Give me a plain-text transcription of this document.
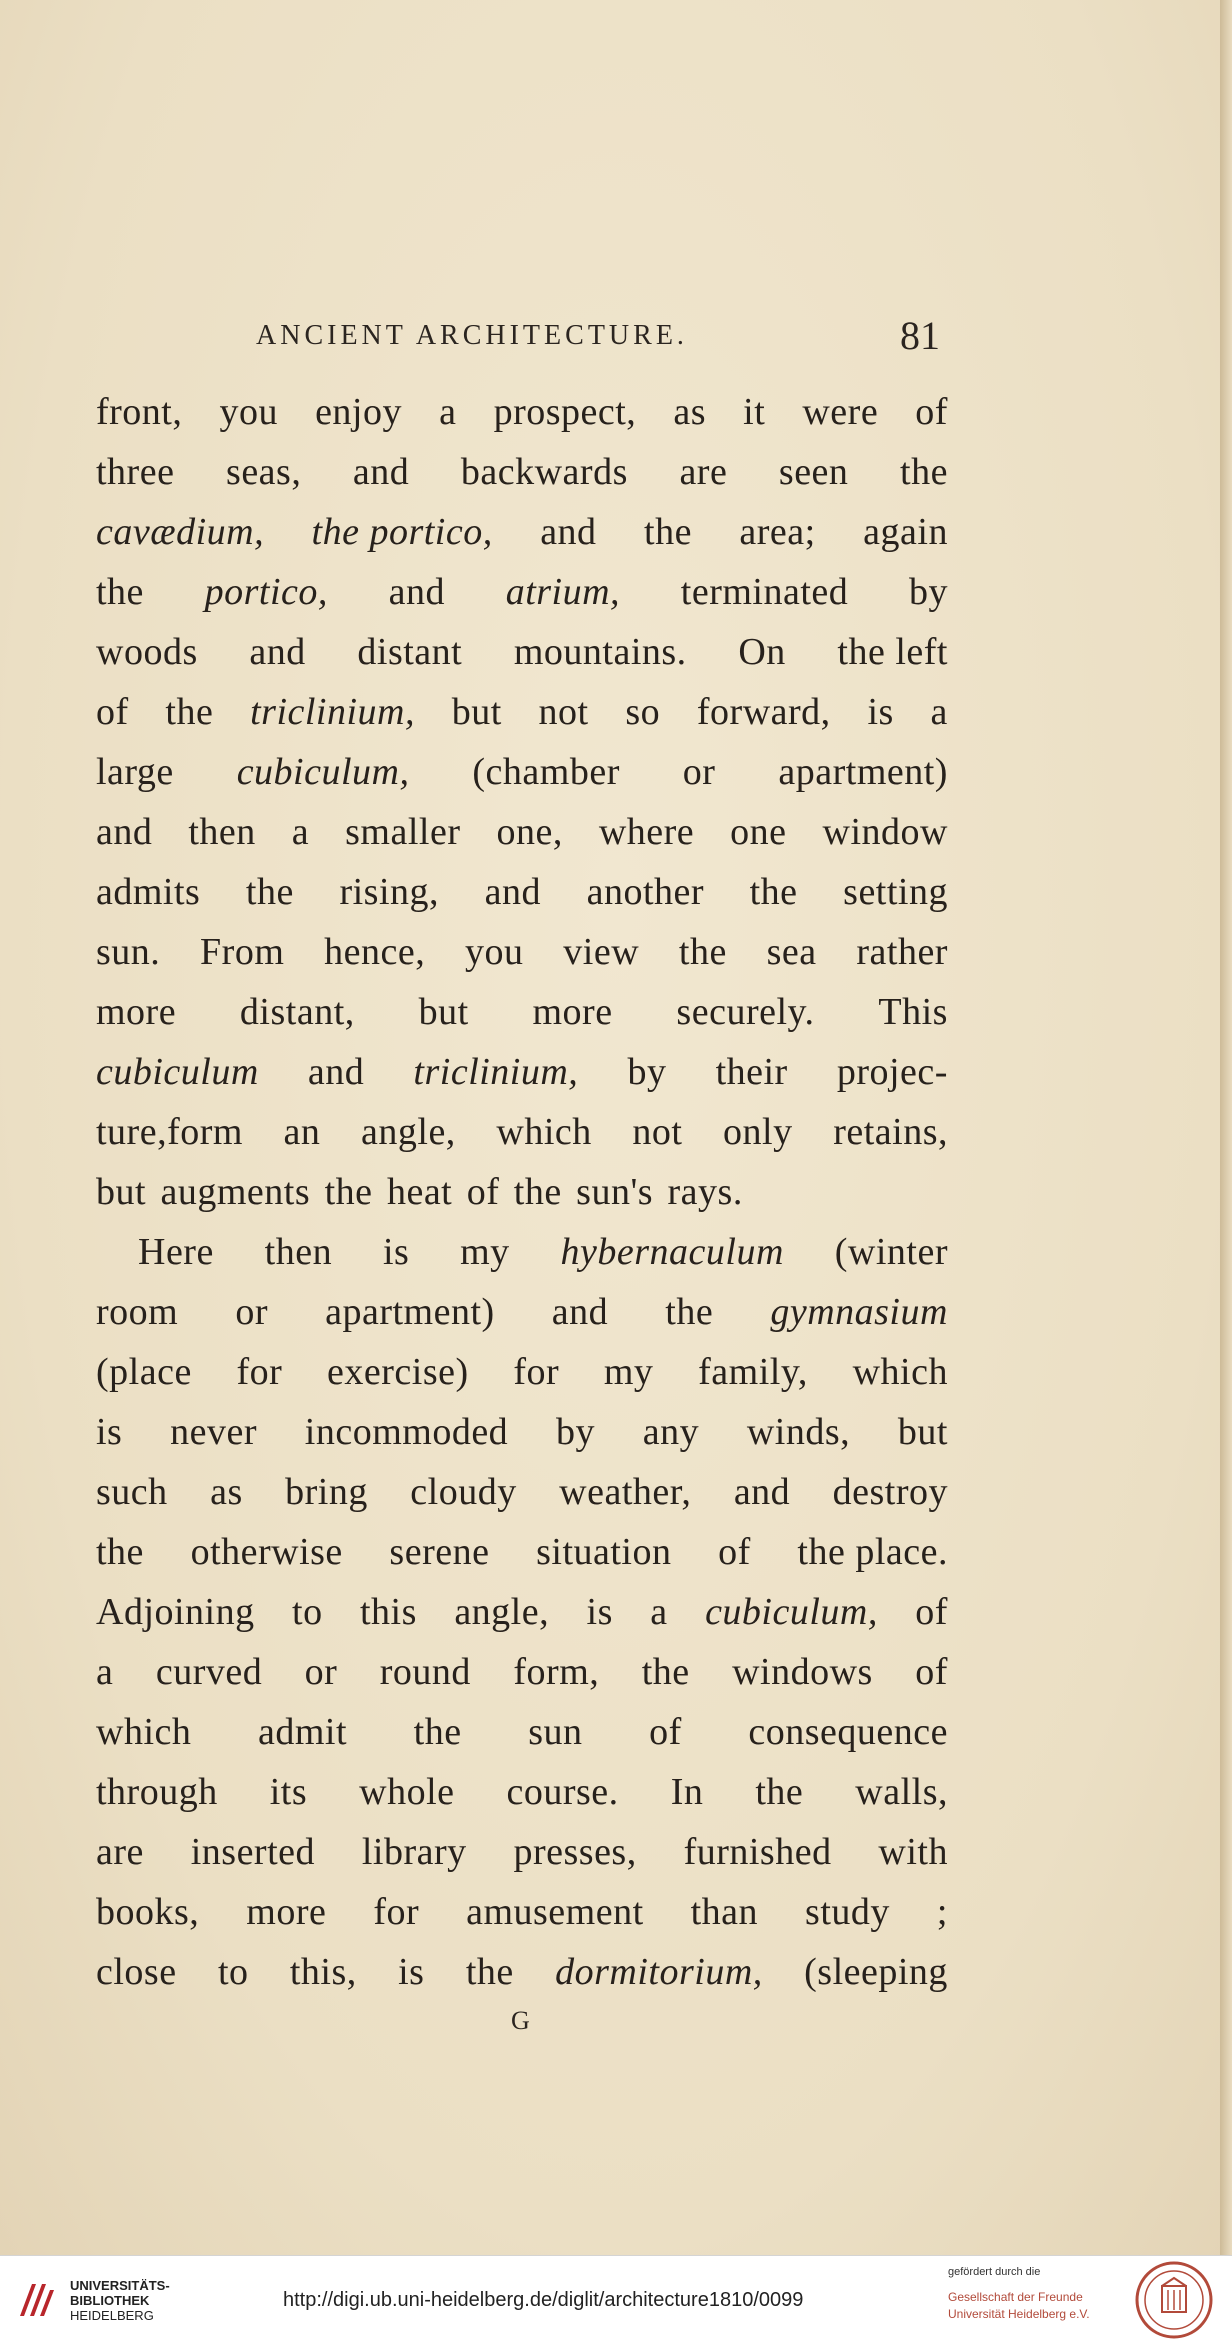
ANCIENT ARCHITECTURE.	81
front, you enjoy a prospect, as it were of
three seas, and backwards are seen the
cavædium, the portico, and the area; again
the portico, and atrium, terminated by
woods and distant mountains. On the left
of the triclinium, but not so forward, is a
large cubiculum, (chamber or apartment)
and then a smaller one, where one window
admits the rising, and another the setting
sun. From hence, you view the sea rather
more distant, but more securely. This
cubiculum and triclinium, by their projec-
ture,form an angle, which not only retains,
but augments the heat of the sun's rays.
Here then is my hybernaculum (winter
room or apartment) and the gymnasium
(place for exercise) for my family, which
is never incommoded by any winds, but
such as bring cloudy weather, and destroy
the otherwise serene situation of the place.
Adjoining to this angle, is a cubiculum, of
a curved or round form, the windows of
which admit the sun of consequence
through its whole course. In the walls,
are inserted library presses, furnished with
books, more for amusement than study ;
close to this, is the dormitorium, (sleeping
G
UNIVERSITÄTS-
BIBLIOTHEK
HEIDELBERG
http://digi.ub.uni-heidelberg.de/diglit/architecture1810/0099
gefördert durch die
Gesellschaft der Freunde
Universität Heidelberg e.V.
